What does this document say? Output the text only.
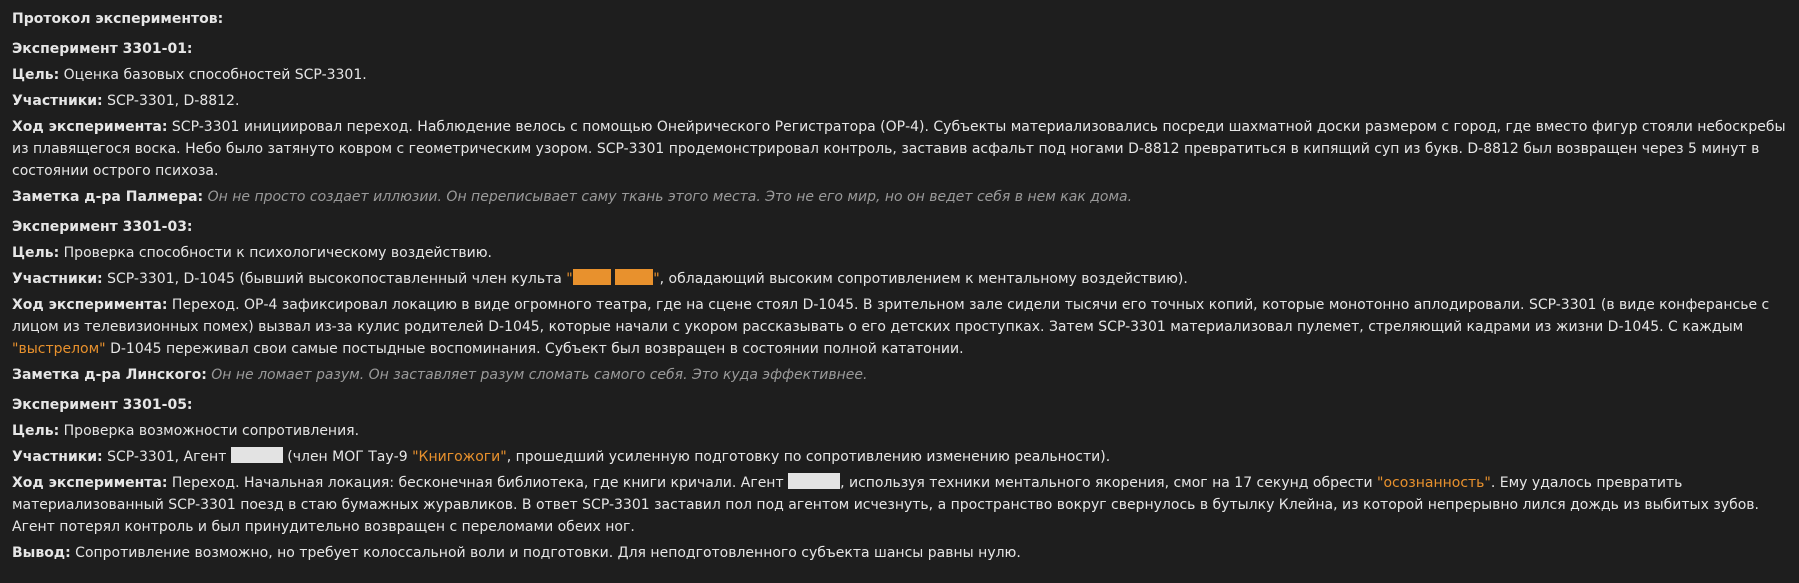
Протокол экспериментов:

Эксперимент 3301-01:

Цель: Оценка базовых способностей SCP-3301.

Участники: SCP-3301, D-8812.

Ход эксперимента: SCP-3301 инициировал переход. Наблюдение велось с помощью Онейрического Регистратора (ОР-4). Субъекты материализовались посреди шахматной доски размером с город, где вместо фигур стояли небоскребы из плавящегося воска. Небо было затянуто ковром с геометрическим узором. SCP-3301 продемонстрировал контроль, заставив асфальт под ногами D-8812 превратиться в кипящий суп из букв. D-8812 был возвращен через 5 минут в состоянии острого психоза.

Заметка д-ра Палмера: Он не просто создает иллюзии. Он переписывает саму ткань этого места. Это не его мир, но он ведет себя в нем как дома.

Эксперимент 3301-03:

Цель: Проверка способности к психологическому воздействию.

Участники: SCP-3301, D-1045 (бывший высокопоставленный член культа "	", обладающий высоким сопротивлением к ментальному воздействию).

Ход эксперимента: Переход. ОР-4 зафиксировал локацию в виде огромного театра, где на сцене стоял D-1045. В зрительном зале сидели тысячи его точных копий, которые монотонно аплодировали. SCP-3301 (в виде конферансье с лицом из телевизионных помех) вызвал из-за кулис родителей D-1045, которые начали с укором рассказывать о его детских проступках. Затем SCP-3301 материализовал пулемет, стреляющий кадрами из жизни D-1045. С каждым "выстрелом" D-1045 переживал свои самые постыдные воспоминания. Субъект был возвращен в состоянии полной кататонии.

Заметка д-ра Линского: Он не ломает разум. Он заставляет разум сломать самого себя. Это куда эффективнее.

Эксперимент 3301-05:

Цель: Проверка возможности сопротивления.

Участники: SCP-3301, Агент	(член МОГ Тау-9 "Книгожоги", прошедший усиленную подготовку по сопротивлению изменению реальности).

Ход эксперимента: Переход. Начальная локация: бесконечная библиотека, где книги кричали. Агент	, используя техники ментального якорения, смог на 17 секунд обрести "осознанность". Ему удалось превратить материализованный SCP-3301 поезд в стаю бумажных журавликов. В ответ SCP-3301 заставил пол под агентом исчезнуть, а пространство вокруг свернулось в бутылку Клейна, из которой непрерывно лился дождь из выбитых зубов. Агент потерял контроль и был принудительно возвращен с переломами обеих ног.

Вывод: Сопротивление возможно, но требует колоссальной воли и подготовки. Для неподготовленного субъекта шансы равны нулю.
